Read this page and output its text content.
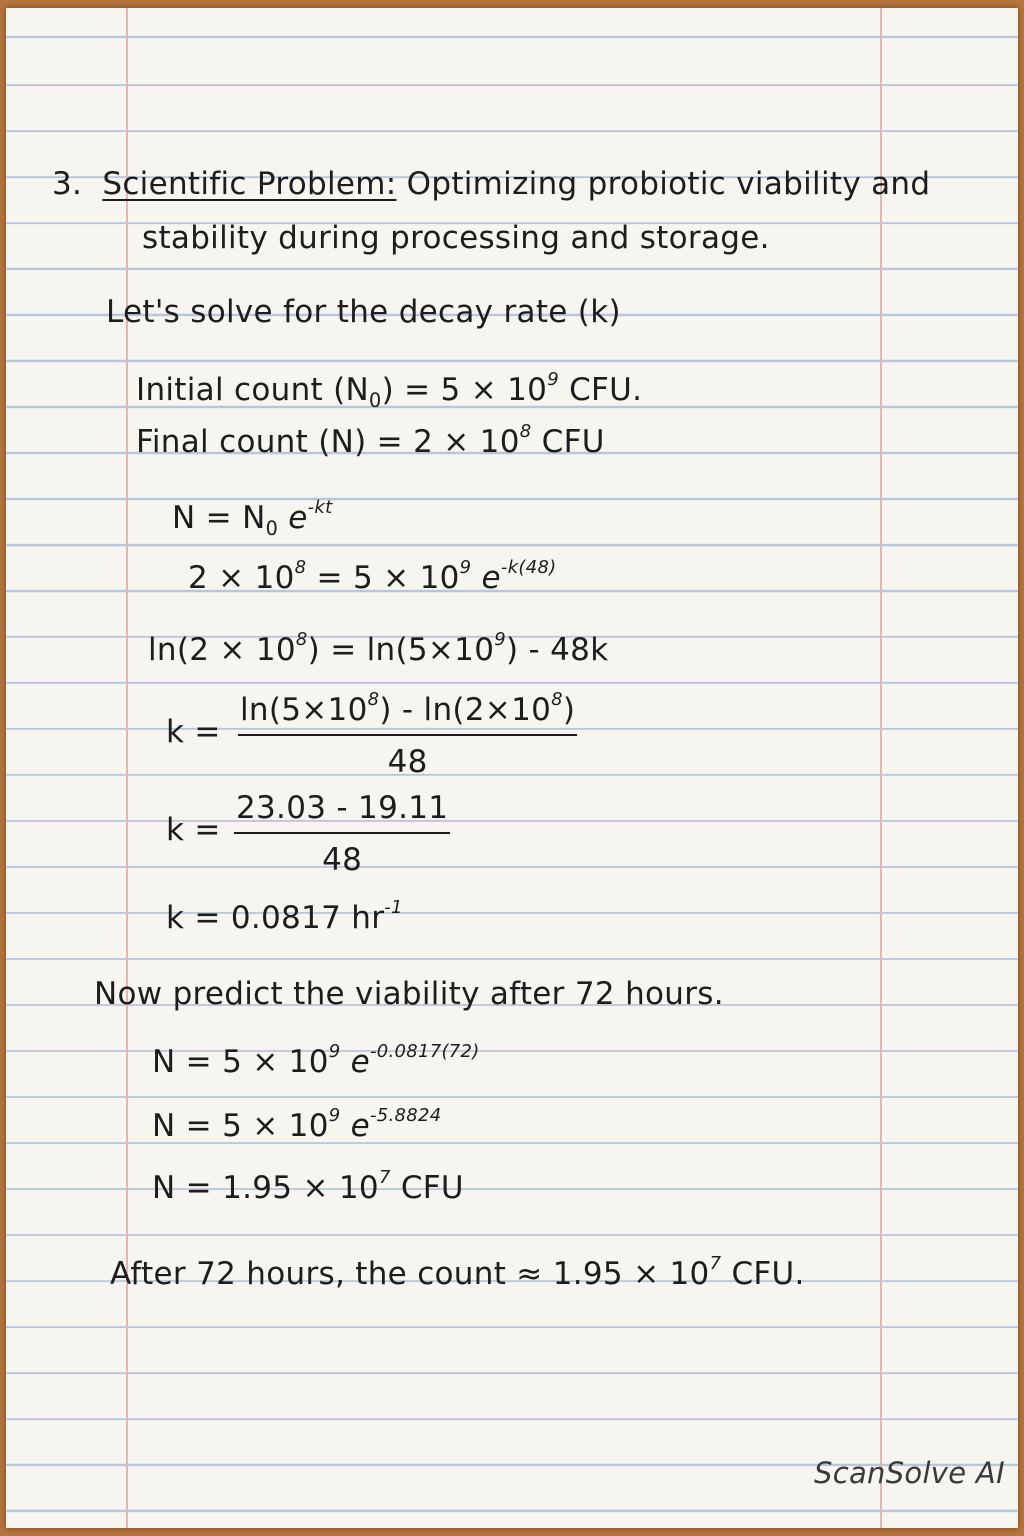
3. Scientific Problem: Optimizing probiotic viability and
stability during processing and storage.
Let's solve for the decay rate (k)
Initial count $(N_0) = 5 \times 10^9$ CFU.
Final count $(N) = 2 \times 10^8$ CFU
$N = N_0$ $e^{-kt}$
$2 \times 10^8 = 5 \times 10^9$ $e^{-k(48)}$
$\ln(2 \times 10^8) = \ln(5\times 10^9) - 48k$
$k = \frac{\ln(5\times 10^8) - \ln(2\times 10^8)}{48}$
$k = \frac{23.03 - 19.11}{48}$
k = 0.0817 $hr^{-1}$
Now predict the viability after 72 hours.
$N = 5 \times 10^9$ $e^{-0.0817(72)}$
$N = 5 \times 10^9$ $e^{-5.8824}$
$N = 1.95 \times 10^7$ CFU
After 72 hours, the count ≈ $1.95 \times 10^7$ CFU.
ScanSolve AI
